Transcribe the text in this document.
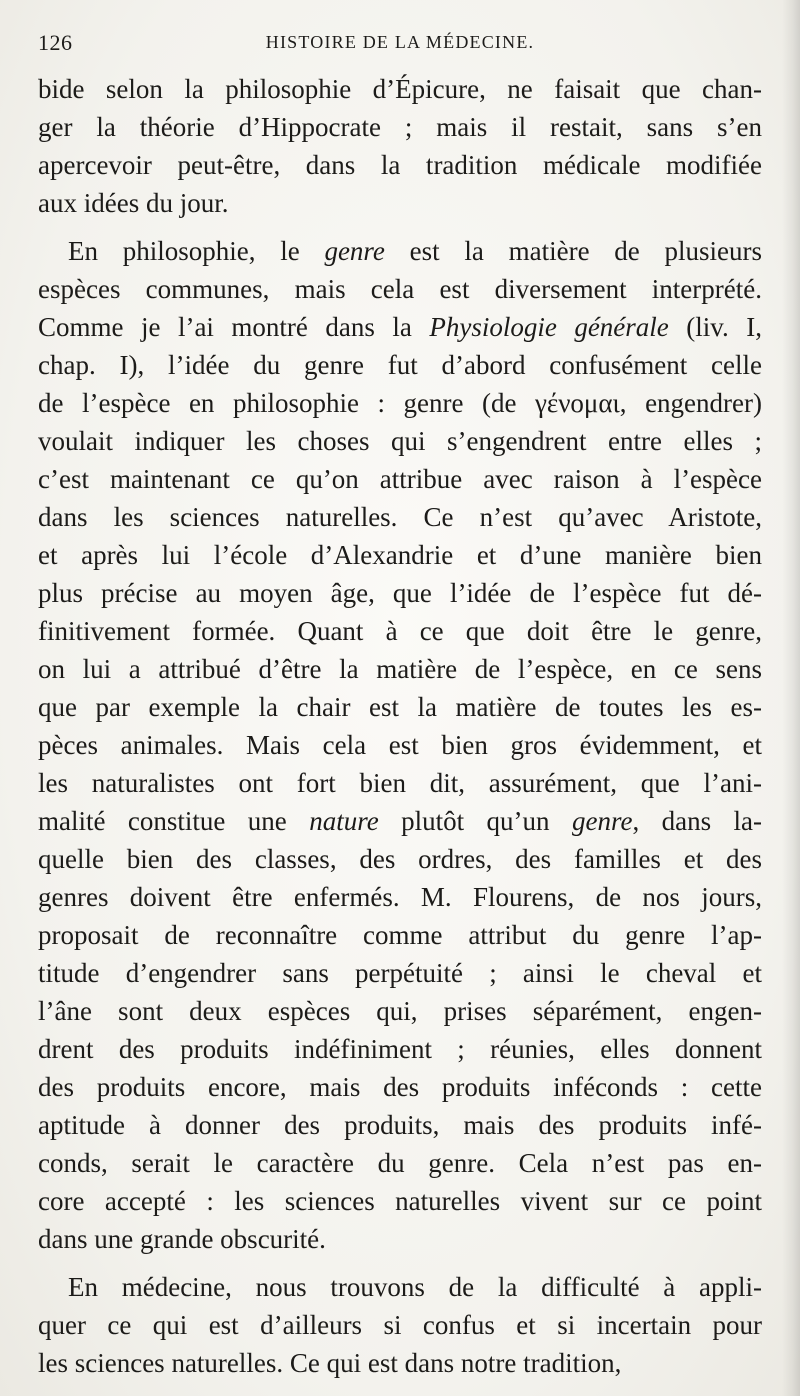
126	HISTOIRE DE LA MÉDECINE.
bide selon la philosophie d’Épicure, ne faisait que chan-
ger la théorie d’Hippocrate ; mais il restait, sans s’en
apercevoir peut-être, dans la tradition médicale modifiée
aux idées du jour.
En philosophie, le genre est la matière de plusieurs
espèces communes, mais cela est diversement interprété.
Comme je l’ai montré dans la Physiologie générale (liv. I,
chap. I), l’idée du genre fut d’abord confusément celle
de l’espèce en philosophie : genre (de γένομαι, engendrer)
voulait indiquer les choses qui s’engendrent entre elles ;
c’est maintenant ce qu’on attribue avec raison à l’espèce
dans les sciences naturelles. Ce n’est qu’avec Aristote,
et après lui l’école d’Alexandrie et d’une manière bien
plus précise au moyen âge, que l’idée de l’espèce fut dé-
finitivement formée. Quant à ce que doit être le genre,
on lui a attribué d’être la matière de l’espèce, en ce sens
que par exemple la chair est la matière de toutes les es-
pèces animales. Mais cela est bien gros évidemment, et
les naturalistes ont fort bien dit, assurément, que l’ani-
malité constitue une nature plutôt qu’un genre, dans la-
quelle bien des classes, des ordres, des familles et des
genres doivent être enfermés. M. Flourens, de nos jours,
proposait de reconnaître comme attribut du genre l’ap-
titude d’engendrer sans perpétuité ; ainsi le cheval et
l’âne sont deux espèces qui, prises séparément, engen-
drent des produits indéfiniment ; réunies, elles donnent
des produits encore, mais des produits inféconds : cette
aptitude à donner des produits, mais des produits infé-
conds, serait le caractère du genre. Cela n’est pas en-
core accepté : les sciences naturelles vivent sur ce point
dans une grande obscurité.
En médecine, nous trouvons de la difficulté à appli-
quer ce qui est d’ailleurs si confus et si incertain pour
les sciences naturelles. Ce qui est dans notre tradition,
